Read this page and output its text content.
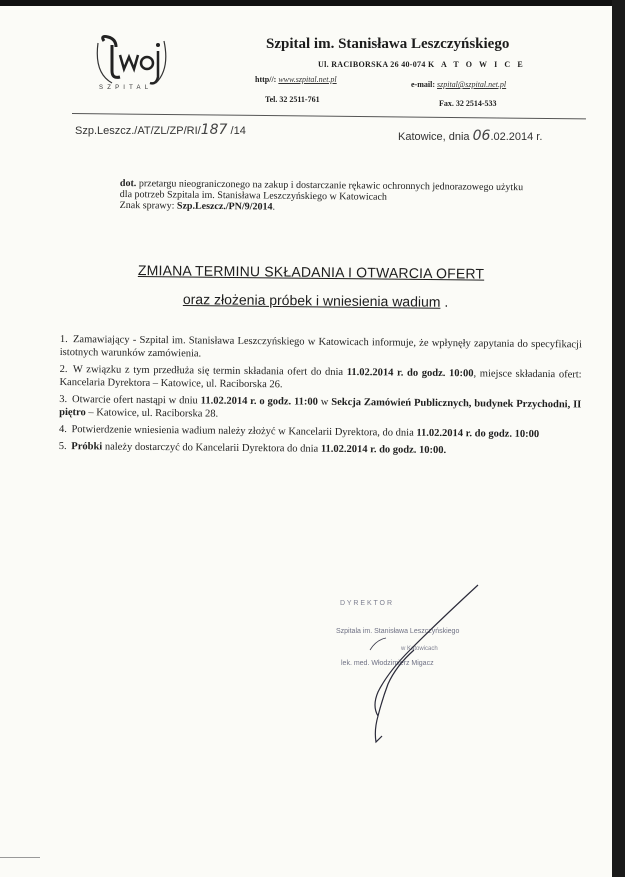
SZPITAL
Szpital im. Stanisława Leszczyńskiego
Ul. RACIBORSKA 26 40-074 K A T O W I C E
http//: www.szpital.net.pl
e-mail: szpital@szpital.net.pl
Tel. 32 2511-761	Fax. 32 2514-533
Szp.Leszcz./AT/ZL/ZP/RI/187 /14	Katowice, dnia 06.02.2014 r.

dot. przetargu nieograniczonego na zakup i dostarczanie rękawic ochronnych jednorazowego użytku

dla potrzeb Szpitala im. Stanisława Leszczyńskiego w Katowicach

Znak sprawy: Szp.Leszcz./PN/9/2014.

ZMIANA TERMINU SKŁADANIA I OTWARCIA OFERT
oraz złożenia próbek i wniesienia wadium .

1. Zamawiający - Szpital im. Stanisława Leszczyńskiego w Katowicach informuje, że wpłynęły zapytania do specyfikacji istotnych warunków zamówienia.

2. W związku z tym przedłuża się termin składania ofert do dnia 11.02.2014 r. do godz. 10:00, miejsce składania ofert: Kancelaria Dyrektora – Katowice, ul. Raciborska 26.

3. Otwarcie ofert nastąpi w dniu 11.02.2014 r. o godz. 11:00 w Sekcja Zamówień Publicznych, budynek Przychodni, II piętro – Katowice, ul. Raciborska 28.

4. Potwierdzenie wniesienia wadium należy złożyć w Kancelarii Dyrektora, do dnia 11.02.2014 r. do godz. 10:00

5. Próbki należy dostarczyć do Kancelarii Dyrektora do dnia 11.02.2014 r. do godz. 10:00.

D Y R E K T O R
Szpitala im. Stanisława Leszczyńskiego
w Katowicach
lek. med. Włodzimierz Migacz
